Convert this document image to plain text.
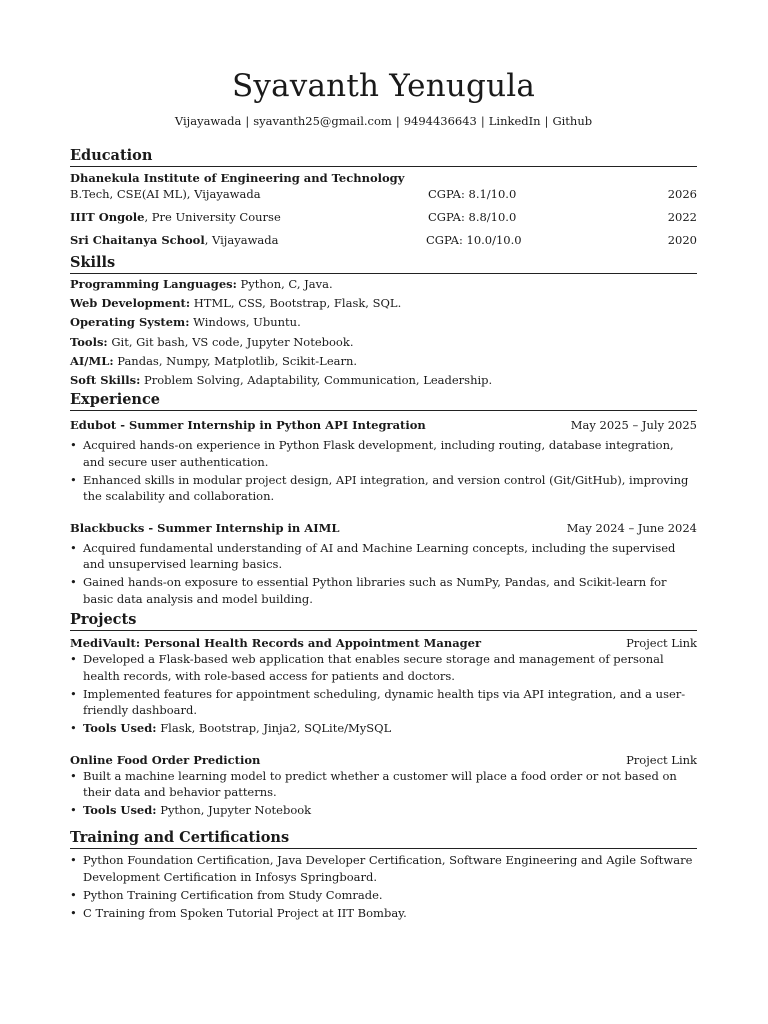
Syavanth Yenugula
Vijayawada | syavanth25@gmail.com | 9494436643 | LinkedIn | Github
Education
Dhanekula Institute of Engineering and Technology
B.Tech, CSE(AI ML), Vijayawada	CGPA: 8.1/10.0	2026
IIIT Ongole, Pre University Course	CGPA: 8.8/10.0	2022
Sri Chaitanya School, Vijayawada	CGPA: 10.0/10.0	2020
Skills
Programming Languages: Python, C, Java.
Web Development: HTML, CSS, Bootstrap, Flask, SQL.
Operating System: Windows, Ubuntu.
Tools: Git, Git bash, VS code, Jupyter Notebook.
AI/ML: Pandas, Numpy, Matplotlib, Scikit-Learn.
Soft Skills: Problem Solving, Adaptability, Communication, Leadership.
Experience
Edubot - Summer Internship in Python API Integration	May 2025 – July 2025
• Acquired hands-on experience in Python Flask development, including routing, database integration, and secure user authentication.
• Enhanced skills in modular project design, API integration, and version control (Git/GitHub), improving the scalability and collaboration.
Blackbucks - Summer Internship in AIML	May 2024 – June 2024
• Acquired fundamental understanding of AI and Machine Learning concepts, including the supervised and unsupervised learning basics.
• Gained hands-on exposure to essential Python libraries such as NumPy, Pandas, and Scikit-learn for basic data analysis and model building.
Projects
MediVault: Personal Health Records and Appointment Manager	Project Link
• Developed a Flask-based web application that enables secure storage and management of personal health records, with role-based access for patients and doctors.
• Implemented features for appointment scheduling, dynamic health tips via API integration, and a user-friendly dashboard.
• Tools Used: Flask, Bootstrap, Jinja2, SQLite/MySQL
Online Food Order Prediction	Project Link
• Built a machine learning model to predict whether a customer will place a food order or not based on their data and behavior patterns.
• Tools Used: Python, Jupyter Notebook
Training and Certifications
• Python Foundation Certification, Java Developer Certification, Software Engineering and Agile Software Development Certification in Infosys Springboard.
• Python Training Certification from Study Comrade.
• C Training from Spoken Tutorial Project at IIT Bombay.
